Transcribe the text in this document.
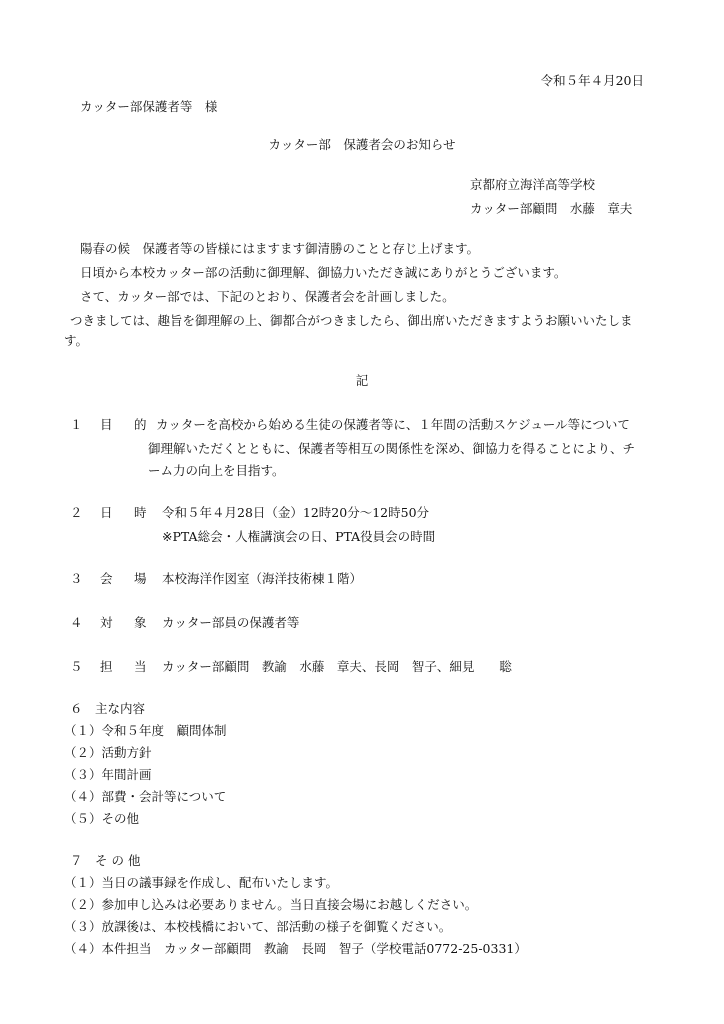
令和５年４月20日
カッター部保護者等　様
カッター部　保護者会のお知らせ
京都府立海洋高等学校
カッター部顧問　水藤　章夫
陽春の候　保護者等の皆様にはますます御清勝のことと存じ上げます。
日頃から本校カッター部の活動に御理解、御協力いただき誠にありがとうございます。
さて、カッター部では、下記のとおり、保護者会を計画しました。
つきましては、趣旨を御理解の上、御都合がつきましたら、御出席いただきますようお願いいたしま
す。
記
１ 目 的 カッターを高校から始める生徒の保護者等に、１年間の活動スケジュール等について
御理解いただくとともに、保護者等相互の関係性を深め、御協力を得ることにより、チ
ーム力の向上を目指す。
２ 日 時 令和５年４月28日（金）12時20分～12時50分
※PTA総会・人権講演会の日、PTA役員会の時間
３ 会 場 本校海洋作図室（海洋技術棟１階）
４ 対 象 カッター部員の保護者等
５ 担 当 カッター部顧問　教諭　水藤　章夫、長岡　智子、細見　　聡
６　主な内容
（１）令和５年度　顧問体制
（２）活動方針
（３）年間計画
（４）部費・会計等について
（５）その他
７　そ の 他
（１）当日の議事録を作成し、配布いたします。
（２）参加申し込みは必要ありません。当日直接会場にお越しください。
（３）放課後は、本校桟橋において、部活動の様子を御覧ください。
（４）本件担当　カッター部顧問　教諭　長岡　智子（学校電話0772-25-0331）
